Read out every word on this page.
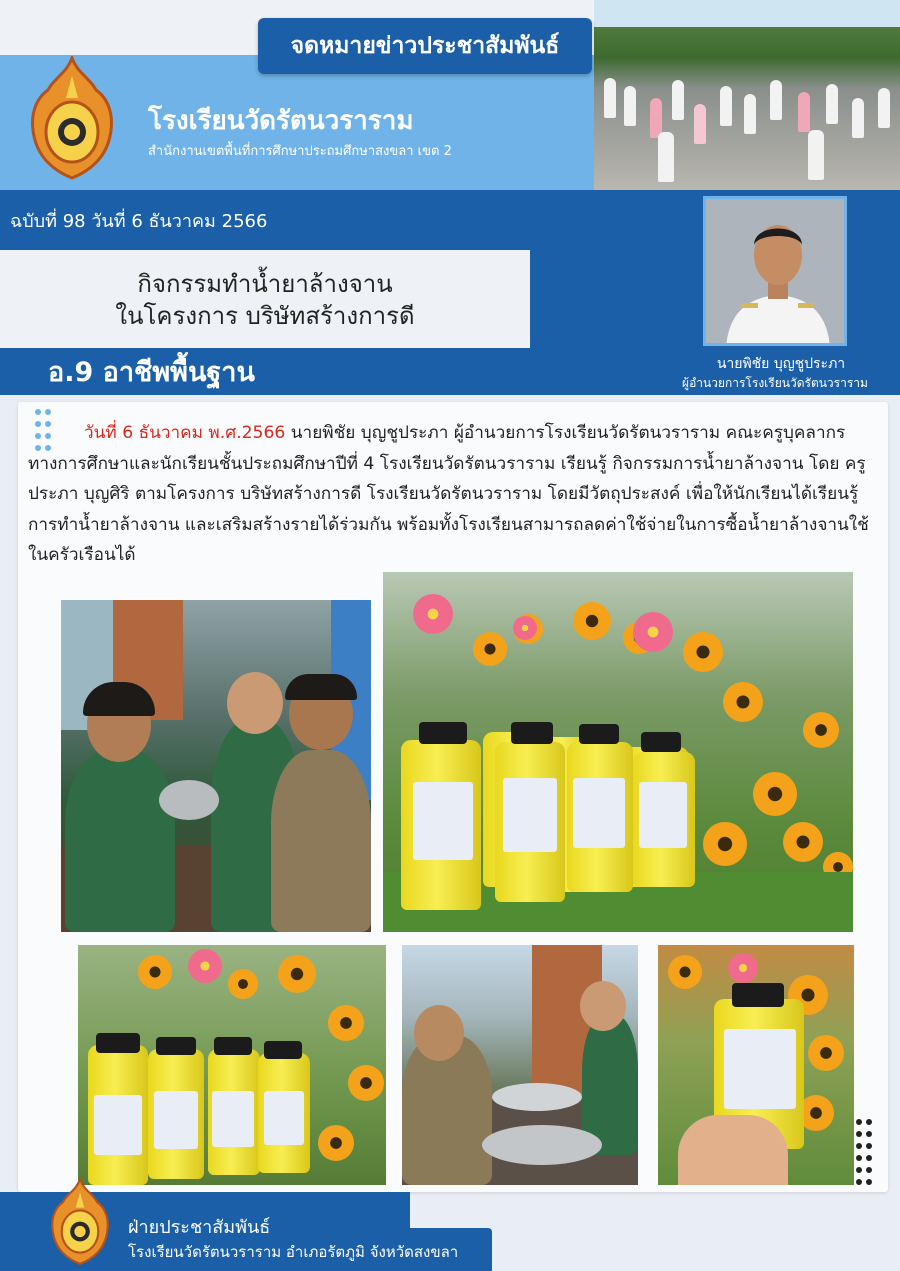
จดหมายข่าวประชาสัมพันธ์
โรงเรียนวัดรัตนวราราม
สำนักงานเขตพื้นที่การศึกษาประถมศึกษาสงขลา เขต 2
ฉบับที่ 98 วันที่ 6 ธันวาคม 2566
กิจกรรมทำน้ำยาล้างจาน
ในโครงการ บริษัทสร้างการดี
อ.9 อาชีพพื้นฐาน	นายพิชัย บุญชูประภา
ผู้อำนวยการโรงเรียนวัดรัตนวราราม
วันที่ 6 ธันวาคม พ.ศ.2566 นายพิชัย บุญชูประภา ผู้อำนวยการโรงเรียนวัดรัตนวราราม คณะครูบุคลากรทางการศึกษาและนักเรียนชั้นประถมศึกษาปีที่ 4 โรงเรียนวัดรัตนวราราม เรียนรู้ กิจกรรมการน้ำยาล้างจาน โดย ครูประภา บุญศิริ ตามโครงการ บริษัทสร้างการดี โรงเรียนวัดรัตนวราราม โดยมีวัตถุประสงค์ เพื่อให้นักเรียนได้เรียนรู้การทำน้ำยาล้างจาน และเสริมสร้างรายได้ร่วมกัน พร้อมทั้งโรงเรียนสามารถลดค่าใช้จ่ายในการซื้อน้ำยาล้างจานใช้ในครัวเรือนได้
ฝ่ายประชาสัมพันธ์
โรงเรียนวัดรัตนวราราม อำเภอรัตภูมิ จังหวัดสงขลา
